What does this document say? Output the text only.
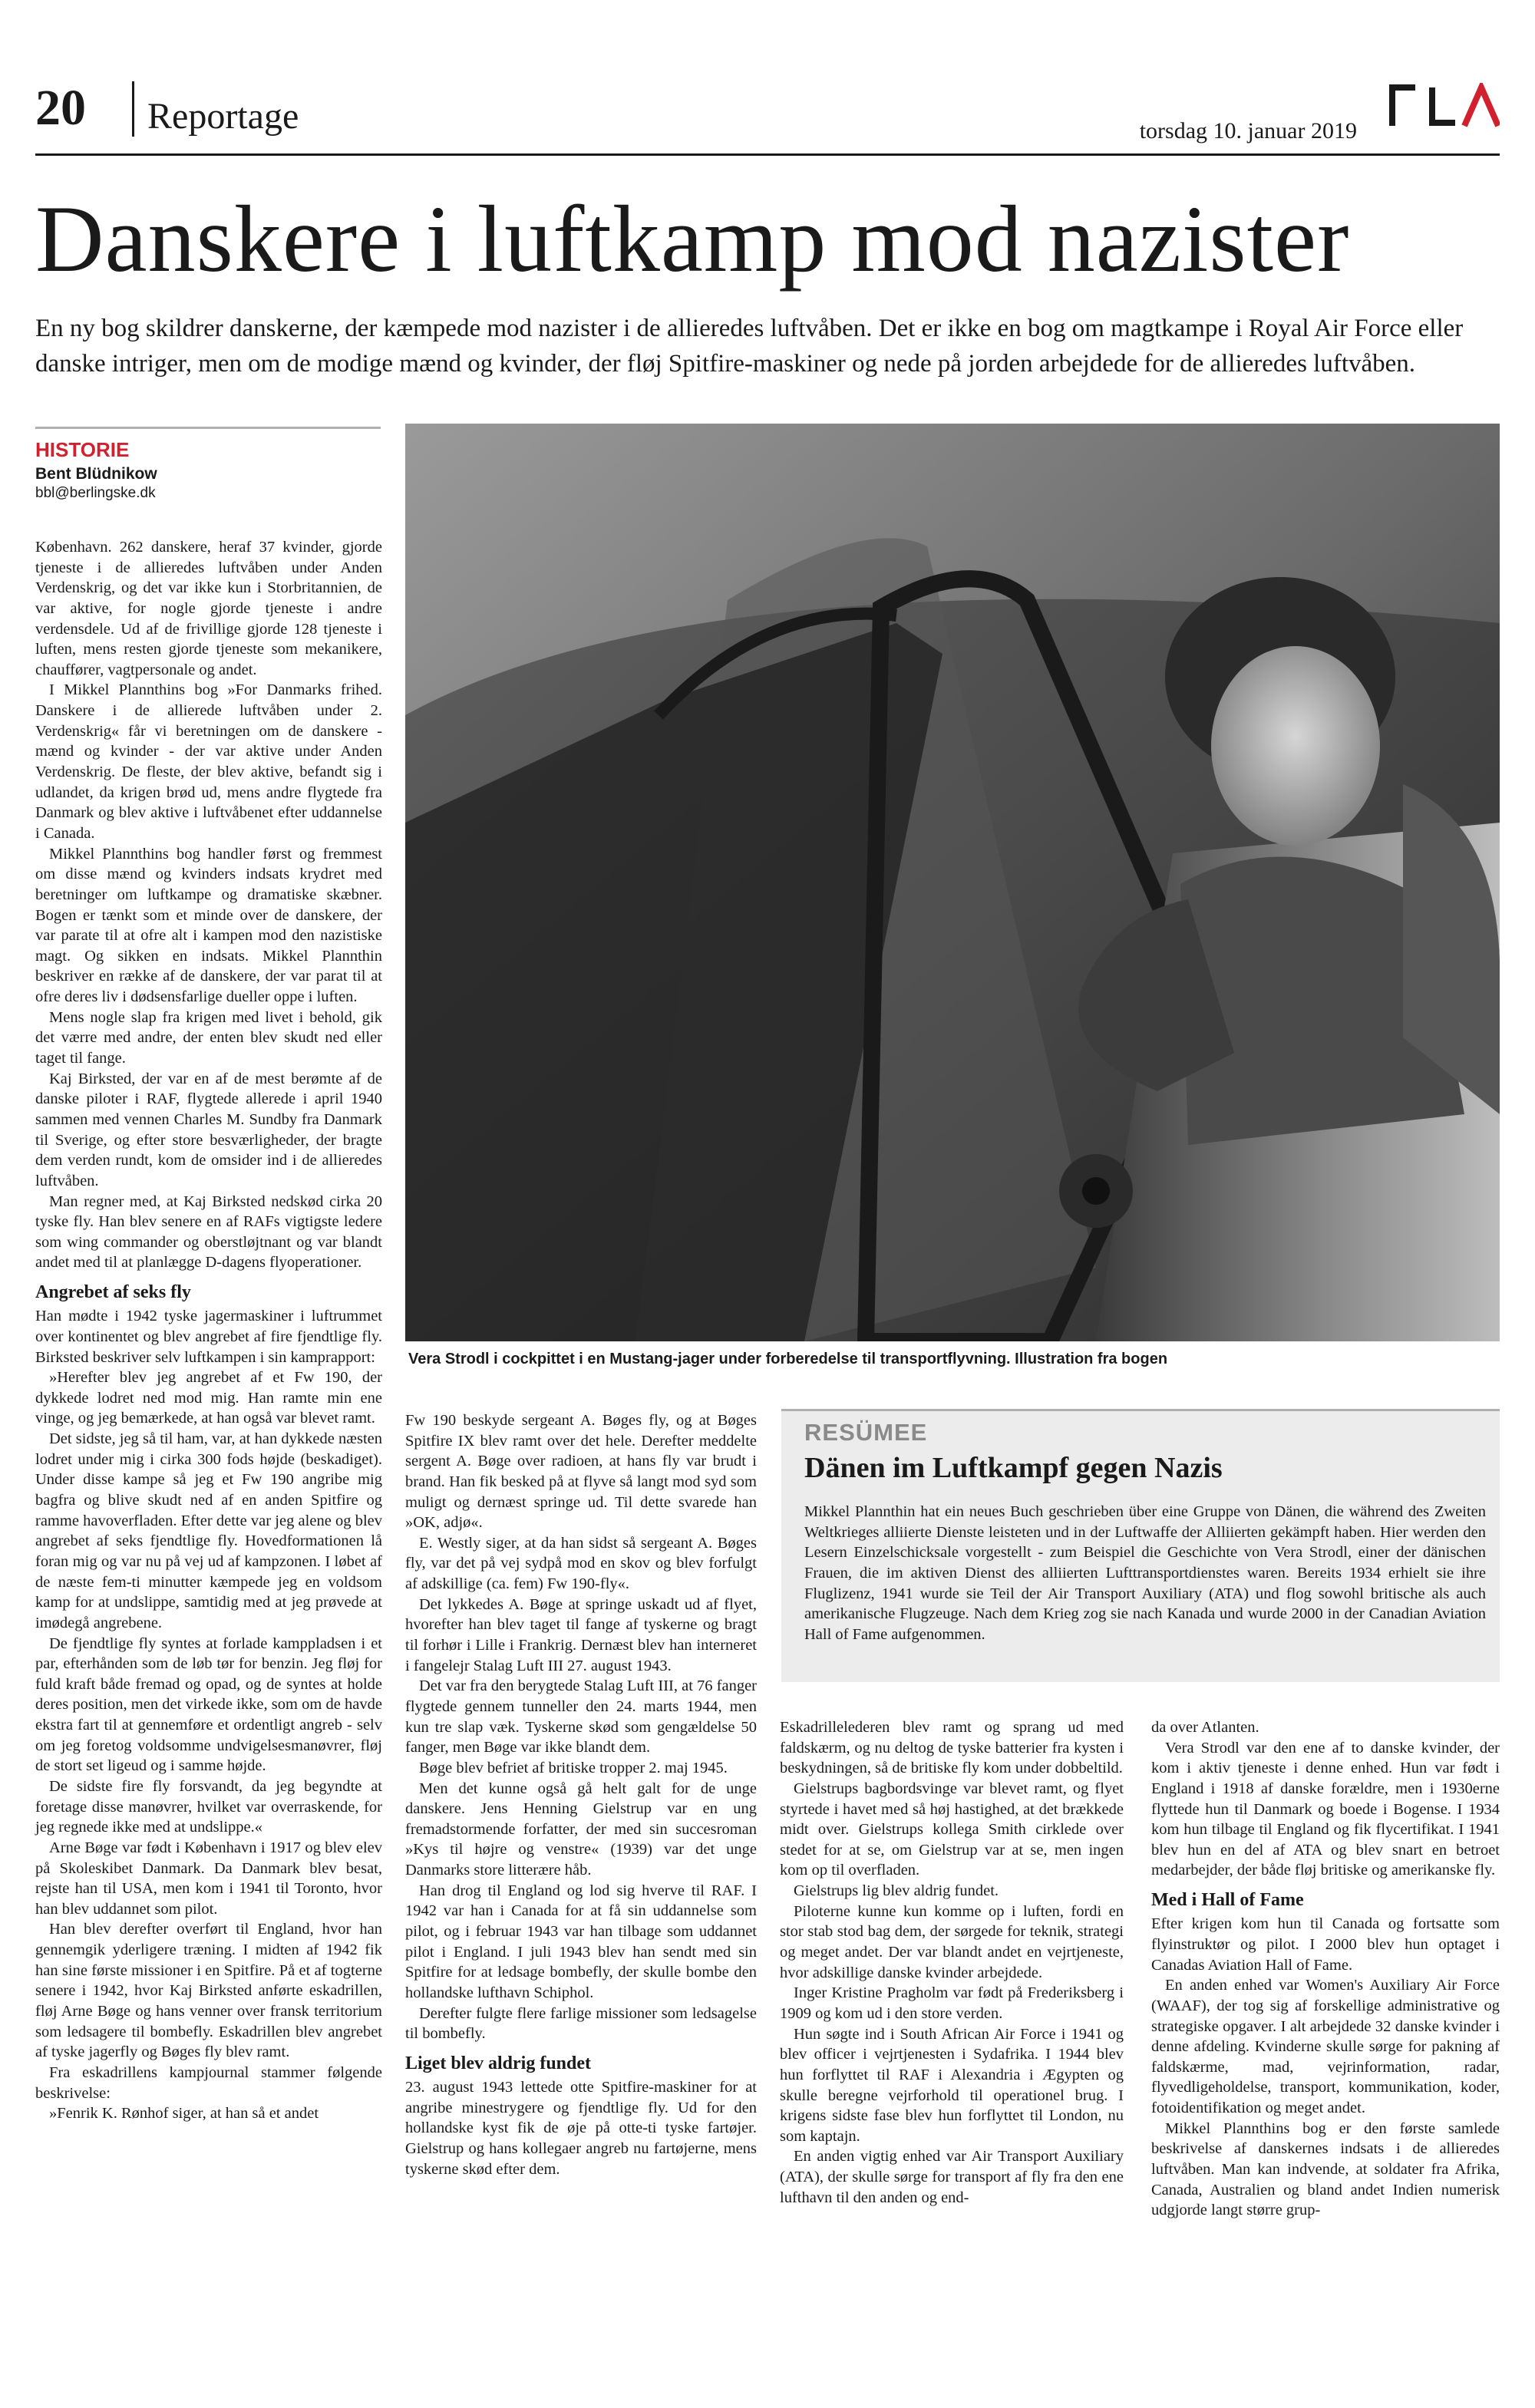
20 Reportage	torsdag 10. januar 2019
Danskere i luftkamp mod nazister

En ny bog skildrer danskerne, der kæmpede mod nazister i de allieredes luftvåben. Det er ikke en bog om magtkampe i Royal Air Force eller danske intriger, men om de modige mænd og kvinder, der fløj Spitfire-maskiner og nede på jorden arbejdede for de allieredes luftvåben.

HISTORIE
Bent Blüdnikow
bbl@berlingske.dk
Vera Strodl i cockpittet i en Mustang-jager under forberedelse til transportflyvning. Illustration fra bogen

København. 262 danskere, heraf 37 kvinder, gjorde tjeneste i de allieredes luftvåben under Anden Verdenskrig, og det var ikke kun i Storbritannien, de var aktive, for nogle gjorde tjeneste i andre verdensdele. Ud af de frivillige gjorde 128 tjeneste i luften, mens resten gjorde tjeneste som mekanikere, chauffører, vagtpersonale og andet.

I Mikkel Plannthins bog »For Danmarks frihed. Danskere i de allierede luftvåben under 2. Verdenskrig« får vi beretningen om de danskere - mænd og kvinder - der var aktive under Anden Verdenskrig. De fleste, der blev aktive, befandt sig i udlandet, da krigen brød ud, mens andre flygtede fra Danmark og blev aktive i luftvåbenet efter uddannelse i Canada.

Mikkel Plannthins bog handler først og fremmest om disse mænd og kvinders indsats krydret med beretninger om luftkampe og dramatiske skæbner. Bogen er tænkt som et minde over de danskere, der var parate til at ofre alt i kampen mod den nazistiske magt. Og sikken en indsats. Mikkel Plannthin beskriver en række af de danskere, der var parat til at ofre deres liv i dødsensfarlige dueller oppe i luften.

Mens nogle slap fra krigen med livet i behold, gik det værre med andre, der enten blev skudt ned eller taget til fange.

Kaj Birksted, der var en af de mest berømte af de danske piloter i RAF, flygtede allerede i april 1940 sammen med vennen Charles M. Sundby fra Danmark til Sverige, og efter store besværligheder, der bragte dem verden rundt, kom de omsider ind i de allieredes luftvåben.

Man regner med, at Kaj Birksted nedskød cirka 20 tyske fly. Han blev senere en af RAFs vigtigste ledere som wing commander og oberstløjtnant og var blandt andet med til at planlægge D-dagens flyoperationer.

Angrebet af seks fly

Han mødte i 1942 tyske jagermaskiner i luftrummet over kontinentet og blev angrebet af fire fjendtlige fly. Birksted beskriver selv luftkampen i sin kamprapport:

»Herefter blev jeg angrebet af et Fw 190, der dykkede lodret ned mod mig. Han ramte min ene vinge, og jeg bemærkede, at han også var blevet ramt.

Det sidste, jeg så til ham, var, at han dykkede næsten lodret under mig i cirka 300 fods højde (beskadiget). Under disse kampe så jeg et Fw 190 angribe mig bagfra og blive skudt ned af en anden Spitfire og ramme havoverfladen. Efter dette var jeg alene og blev angrebet af seks fjendtlige fly. Hovedformationen lå foran mig og var nu på vej ud af kampzonen. I løbet af de næste fem-ti minutter kæmpede jeg en voldsom kamp for at undslippe, samtidig med at jeg prøvede at imødegå angrebene.

De fjendtlige fly syntes at forlade kamppladsen i et par, efterhånden som de løb tør for benzin. Jeg fløj for fuld kraft både fremad og opad, og de syntes at holde deres position, men det virkede ikke, som om de havde ekstra fart til at gennemføre et ordentligt angreb - selv om jeg foretog voldsomme undvigelsesmanøvrer, fløj de stort set ligeud og i samme højde.

De sidste fire fly forsvandt, da jeg begyndte at foretage disse manøvrer, hvilket var overraskende, for jeg regnede ikke med at undslippe.«

Arne Bøge var født i København i 1917 og blev elev på Skoleskibet Danmark. Da Danmark blev besat, rejste han til USA, men kom i 1941 til Toronto, hvor han blev uddannet som pilot.

Han blev derefter overført til England, hvor han gennemgik yderligere træning. I midten af 1942 fik han sine første missioner i en Spitfire. På et af togterne senere i 1942, hvor Kaj Birksted anførte eskadrillen, fløj Arne Bøge og hans venner over fransk territorium som ledsagere til bombefly. Eskadrillen blev angrebet af tyske jagerfly og Bøges fly blev ramt.

Fra eskadrillens kampjournal stammer følgende beskrivelse:

»Fenrik K. Rønhof siger, at han så et andet

Fw 190 beskyde sergeant A. Bøges fly, og at Bøges Spitfire IX blev ramt over det hele. Derefter meddelte sergent A. Bøge over radioen, at hans fly var brudt i brand. Han fik besked på at flyve så langt mod syd som muligt og dernæst springe ud. Til dette svarede han »OK, adjø«.

E. Westly siger, at da han sidst så sergeant A. Bøges fly, var det på vej sydpå mod en skov og blev forfulgt af adskillige (ca. fem) Fw 190-fly«.

Det lykkedes A. Bøge at springe uskadt ud af flyet, hvorefter han blev taget til fange af tyskerne og bragt til forhør i Lille i Frankrig. Dernæst blev han interneret i fangelejr Stalag Luft III 27. august 1943.

Det var fra den berygtede Stalag Luft III, at 76 fanger flygtede gennem tunneller den 24. marts 1944, men kun tre slap væk. Tyskerne skød som gengældelse 50 fanger, men Bøge var ikke blandt dem.

Bøge blev befriet af britiske tropper 2. maj 1945.

Men det kunne også gå helt galt for de unge danskere. Jens Henning Gielstrup var en ung fremadstormende forfatter, der med sin succesroman »Kys til højre og venstre« (1939) var det unge Danmarks store litterære håb.

Han drog til England og lod sig hverve til RAF. I 1942 var han i Canada for at få sin uddannelse som pilot, og i februar 1943 var han tilbage som uddannet pilot i England. I juli 1943 blev han sendt med sin Spitfire for at ledsage bombefly, der skulle bombe den hollandske lufthavn Schiphol.

Derefter fulgte flere farlige missioner som ledsagelse til bombefly.

Liget blev aldrig fundet

23. august 1943 lettede otte Spitfire-maskiner for at angribe minestrygere og fjendtlige fly. Ud for den hollandske kyst fik de øje på otte-ti tyske fartøjer. Gielstrup og hans kollegaer angreb nu fartøjerne, mens tyskerne skød efter dem.

RESÜMEE
Dänen im Luftkampf gegen Nazis
Mikkel Plannthin hat ein neues Buch geschrieben über eine Gruppe von Dänen, die während des Zweiten Weltkrieges alliierte Dienste leisteten und in der Luftwaffe der Alliierten gekämpft haben. Hier werden den Lesern Einzelschicksale vorgestellt - zum Beispiel die Geschichte von Vera Strodl, einer der dänischen Frauen, die im aktiven Dienst des alliierten Lufttransportdienstes waren. Bereits 1934 erhielt sie ihre Fluglizenz, 1941 wurde sie Teil der Air Transport Auxiliary (ATA) und flog sowohl britische als auch amerikanische Flugzeuge. Nach dem Krieg zog sie nach Kanada und wurde 2000 in der Canadian Aviation Hall of Fame aufgenommen.

Eskadrillelederen blev ramt og sprang ud med faldskærm, og nu deltog de tyske batterier fra kysten i beskydningen, så de britiske fly kom under dobbeltild.

Gielstrups bagbordsvinge var blevet ramt, og flyet styrtede i havet med så høj hastighed, at det brækkede midt over. Gielstrups kollega Smith cirklede over stedet for at se, om Gielstrup var at se, men ingen kom op til overfladen.

Gielstrups lig blev aldrig fundet.

Piloterne kunne kun komme op i luften, fordi en stor stab stod bag dem, der sørgede for teknik, strategi og meget andet. Der var blandt andet en vejrtjeneste, hvor adskillige danske kvinder arbejdede.

Inger Kristine Pragholm var født på Frederiksberg i 1909 og kom ud i den store verden.

Hun søgte ind i South African Air Force i 1941 og blev officer i vejrtjenesten i Sydafrika. I 1944 blev hun forflyttet til RAF i Alexandria i Ægypten og skulle beregne vejrforhold til operationel brug. I krigens sidste fase blev hun forflyttet til London, nu som kaptajn.

En anden vigtig enhed var Air Transport Auxiliary (ATA), der skulle sørge for transport af fly fra den ene lufthavn til den anden og end-

da over Atlanten.

Vera Strodl var den ene af to danske kvinder, der kom i aktiv tjeneste i denne enhed. Hun var født i England i 1918 af danske forældre, men i 1930erne flyttede hun til Danmark og boede i Bogense. I 1934 kom hun tilbage til England og fik flycertifikat. I 1941 blev hun en del af ATA og blev snart en betroet medarbejder, der både fløj britiske og amerikanske fly.

Med i Hall of Fame

Efter krigen kom hun til Canada og fortsatte som flyinstruktør og pilot. I 2000 blev hun optaget i Canadas Aviation Hall of Fame.

En anden enhed var Women's Auxiliary Air Force (WAAF), der tog sig af forskellige administrative og strategiske opgaver. I alt arbejdede 32 danske kvinder i denne afdeling. Kvinderne skulle sørge for pakning af faldskærme, mad, vejrinformation, radar, flyvedligeholdelse, transport, kommunikation, koder, fotoidentifikation og meget andet.

Mikkel Plannthins bog er den første samlede beskrivelse af danskernes indsats i de allieredes luftvåben. Man kan indvende, at soldater fra Afrika, Canada, Australien og bland andet Indien numerisk udgjorde langt større grup-
